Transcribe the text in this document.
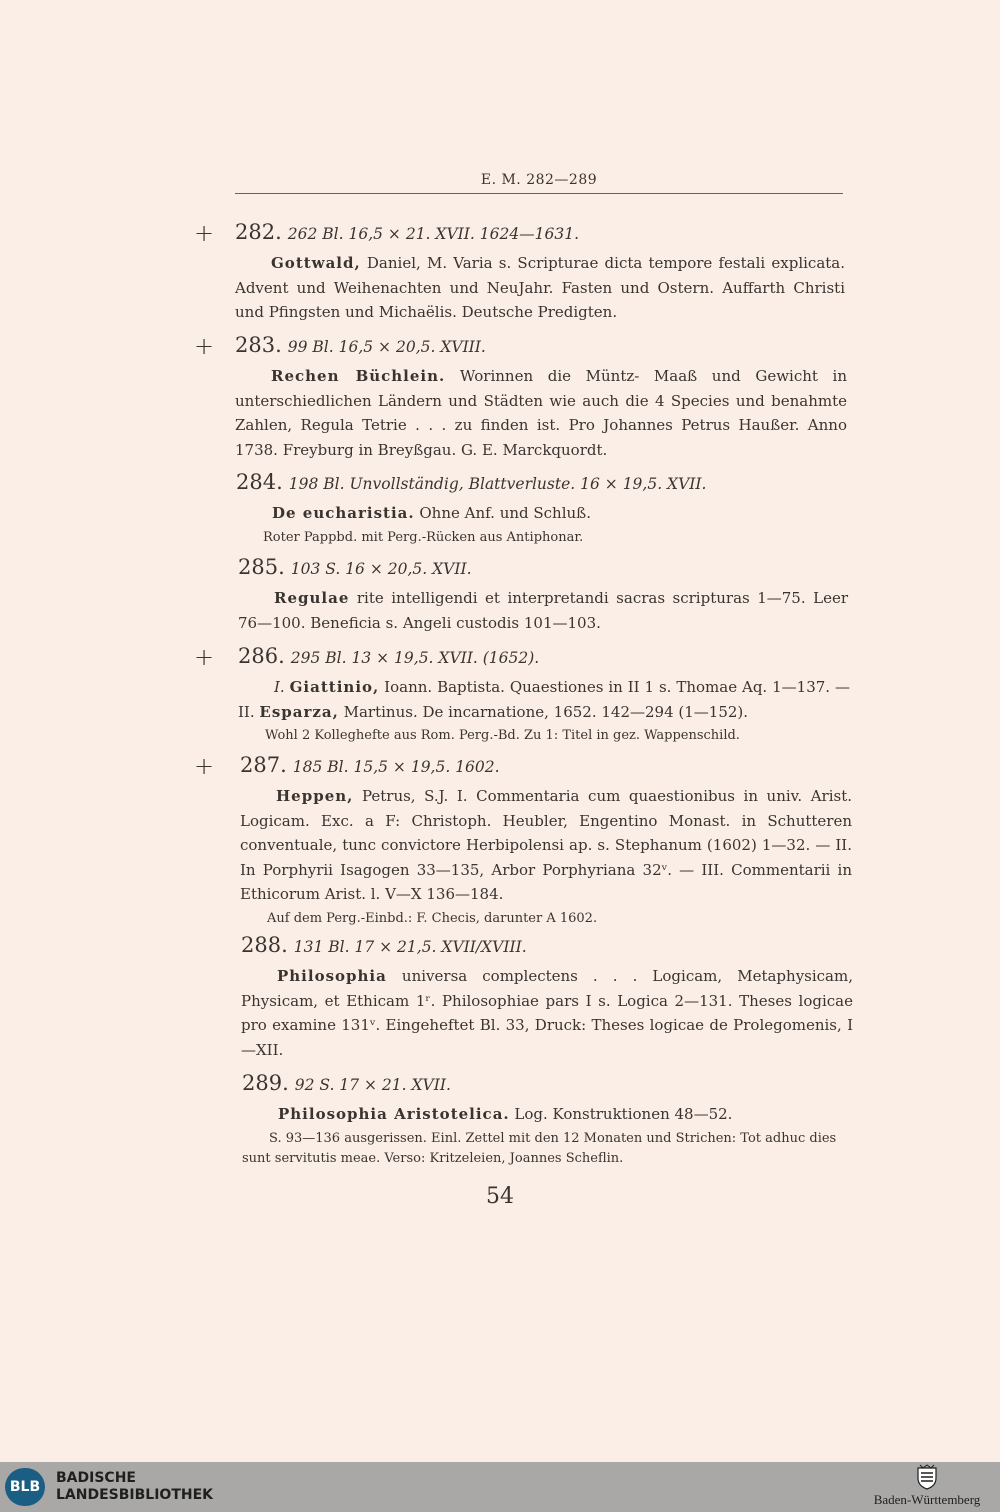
E. M. 282—289
+ 282. 262 Bl. 16,5 × 21. XVII. 1624—1631.
Gottwald, Daniel, M. Varia s. Scripturae dicta tempore festali explicata. Advent und Weihenachten und NeuJahr. Fasten und Ostern. Auffarth Christi und Pfingsten und Michaëlis. Deutsche Predigten.
+ 283. 99 Bl. 16,5 × 20,5. XVIII.
Rechen Büchlein. Worinnen die Müntz- Maaß und Gewicht in unterschiedlichen Ländern und Städten wie auch die 4 Species und benahmte Zahlen, Regula Tetrie . . . zu finden ist. Pro Johannes Petrus Haußer. Anno 1738. Freyburg in Breyßgau. G. E. Marckquordt.
284. 198 Bl. Unvollständig, Blattverluste. 16 × 19,5. XVII.
De eucharistia. Ohne Anf. und Schluß.
Roter Pappbd. mit Perg.-Rücken aus Antiphonar.
285. 103 S. 16 × 20,5. XVII.
Regulae rite intelligendi et interpretandi sacras scripturas 1—75. Leer 76—100. Beneficia s. Angeli custodis 101—103.
+ 286. 295 Bl. 13 × 19,5. XVII. (1652).
I. Giattinio, Ioann. Baptista. Quaestiones in II 1 s. Thomae Aq. 1—137. — II. Esparza, Martinus. De incarnatione, 1652. 142—294 (1—152).
Wohl 2 Kolleghefte aus Rom. Perg.-Bd. Zu 1: Titel in gez. Wappenschild.
+ 287. 185 Bl. 15,5 × 19,5. 1602.
Heppen, Petrus, S.J. I. Commentaria cum quaestionibus in univ. Arist. Logicam. Exc. a F: Christoph. Heubler, Engentino Monast. in Schutteren conventuale, tunc convictore Herbipolensi ap. s. Stephanum (1602) 1—32. — II. In Porphyrii Isagogen 33—135, Arbor Porphyriana 32ᵛ. — III. Commentarii in Ethicorum Arist. l. V—X 136—184.
Auf dem Perg.-Einbd.: F. Checis, darunter A 1602.
288. 131 Bl. 17 × 21,5. XVII/XVIII.
Philosophia universa complectens . . . Logicam, Metaphysicam, Physicam, et Ethicam 1ʳ. Philosophiae pars I s. Logica 2—131. Theses logicae pro examine 131ᵛ. Eingeheftet Bl. 33, Druck: Theses logicae de Prolegomenis, I—XII.
289. 92 S. 17 × 21. XVII.
Philosophia Aristotelica. Log. Konstruktionen 48—52.
S. 93—136 ausgerissen. Einl. Zettel mit den 12 Monaten und Strichen: Tot adhuc dies sunt servitutis meae. Verso: Kritzeleien, Joannes Scheflin.
54
BLB
BADISCHE
LANDESBIBLIOTHEK	Baden-Württemberg
